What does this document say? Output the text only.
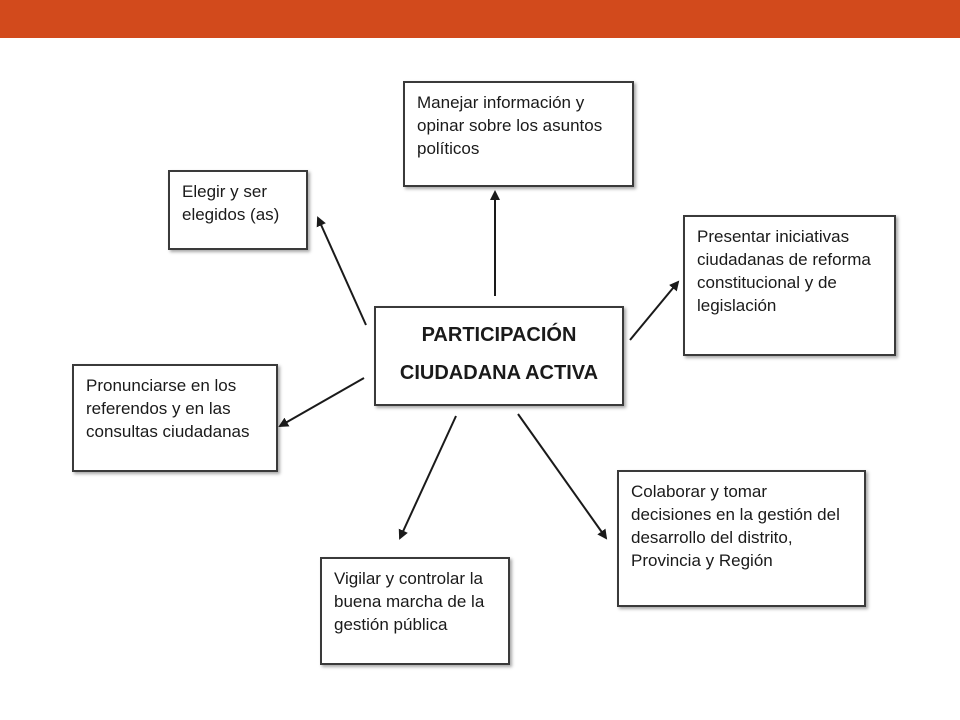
PARTICIPACIÓN
CIUDADANA ACTIVA
Manejar información y
opinar sobre los asuntos
políticos
Elegir y ser
elegidos (as)
Presentar iniciativas
ciudadanas de reforma
constitucional y de
legislación
Pronunciarse en los
referendos y en las
consultas ciudadanas
Colaborar y tomar
decisiones en la gestión del
desarrollo del distrito,
Provincia y Región
Vigilar y controlar la
buena marcha de la
gestión pública
